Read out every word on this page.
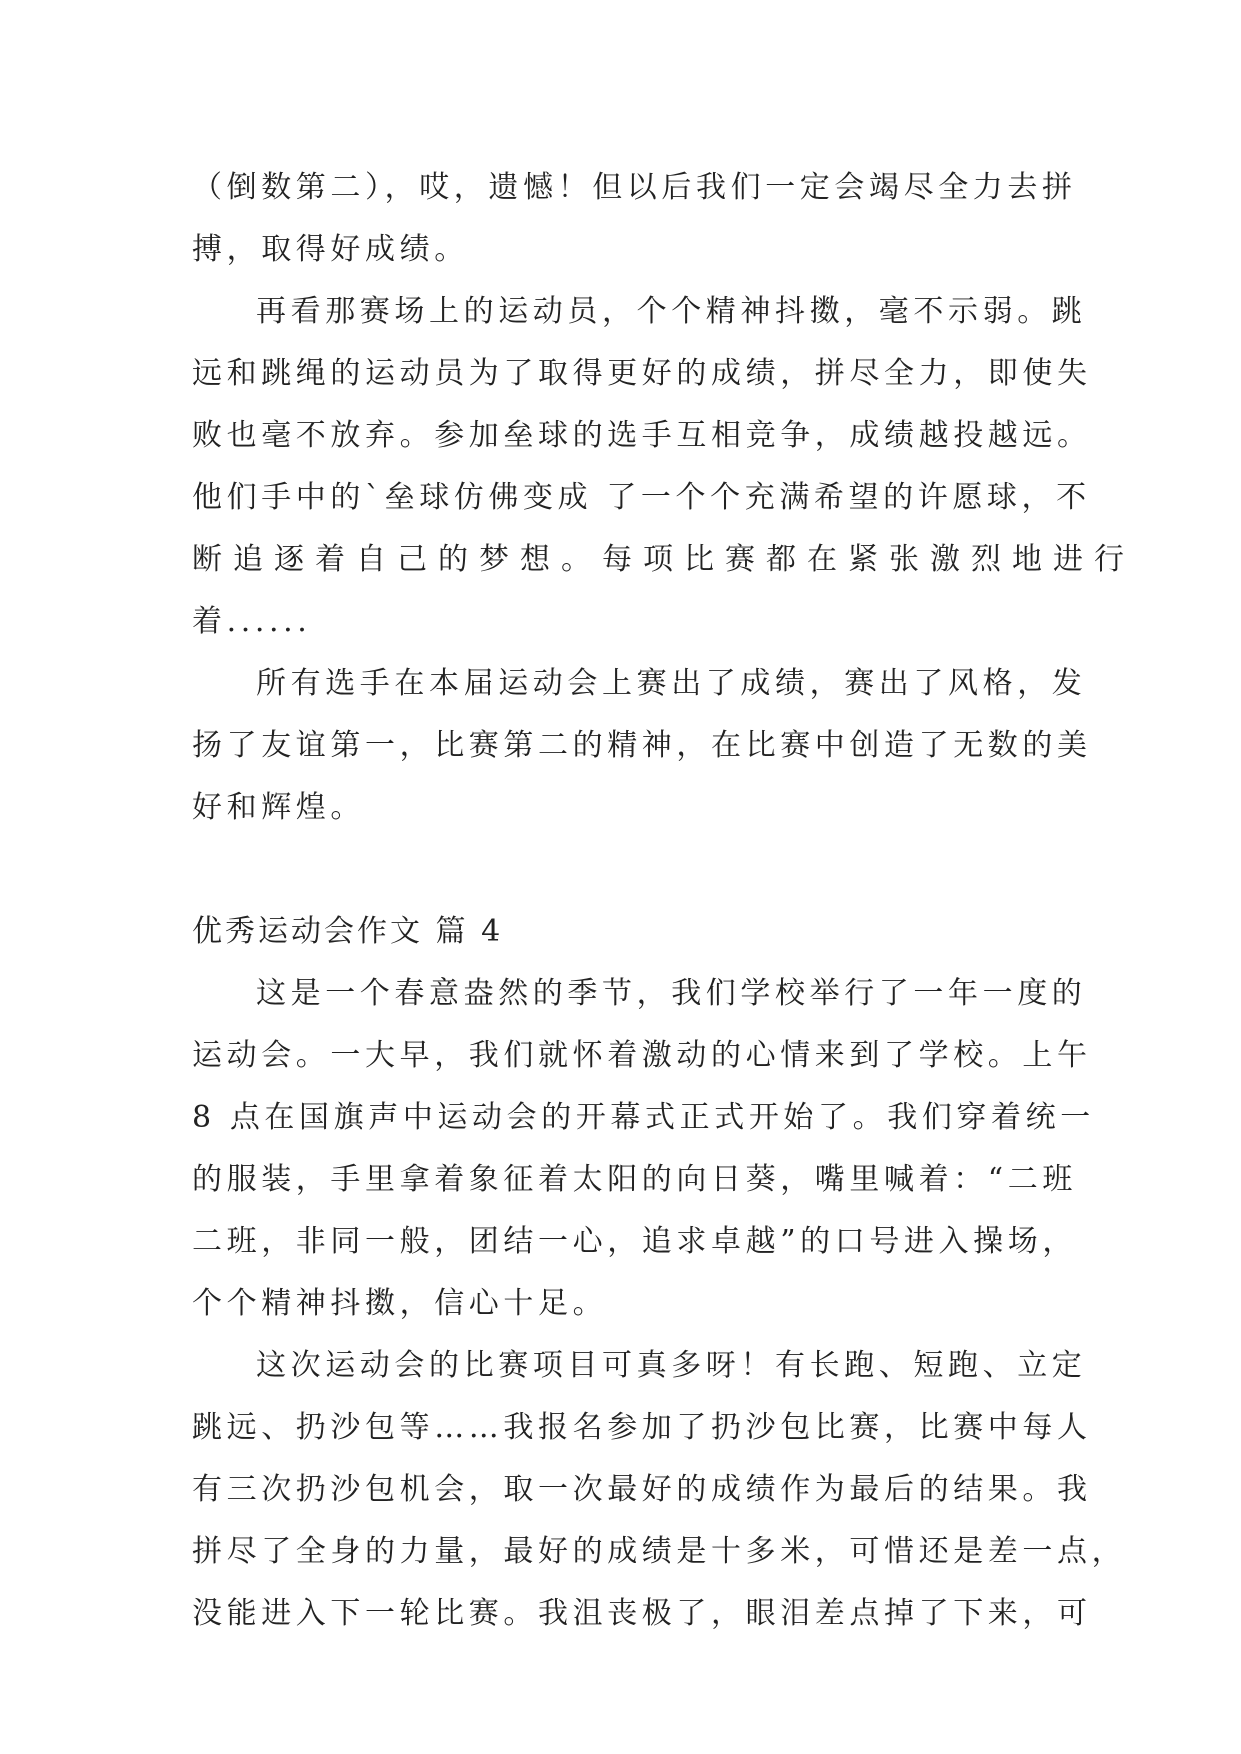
（倒数第二），哎，遗憾！但以后我们一定会竭尽全力去拼
搏，取得好成绩。
再看那赛场上的运动员，个个精神抖擞，毫不示弱。跳
远和跳绳的运动员为了取得更好的成绩，拼尽全力，即使失
败也毫不放弃。参加垒球的选手互相竞争，成绩越投越远。
他们手中的`垒球仿佛变成 了一个个充满希望的许愿球，不
断追逐着自己的梦想。每项比赛都在紧张激烈地进行
着......
所有选手在本届运动会上赛出了成绩，赛出了风格，发
扬了友谊第一，比赛第二的精神，在比赛中创造了无数的美
好和辉煌。
优秀运动会作文 篇 4
这是一个春意盎然的季节，我们学校举行了一年一度的
运动会。一大早，我们就怀着激动的心情来到了学校。上午
8 点在国旗声中运动会的开幕式正式开始了。我们穿着统一
的服装，手里拿着象征着太阳的向日葵，嘴里喊着：“二班
二班，非同一般，团结一心，追求卓越”的口号进入操场，
个个精神抖擞，信心十足。
这次运动会的比赛项目可真多呀！有长跑、短跑、立定
跳远、扔沙包等……我报名参加了扔沙包比赛，比赛中每人
有三次扔沙包机会，取一次最好的成绩作为最后的结果。我
拼尽了全身的力量，最好的成绩是十多米，可惜还是差一点，
没能进入下一轮比赛。我沮丧极了，眼泪差点掉了下来，可
